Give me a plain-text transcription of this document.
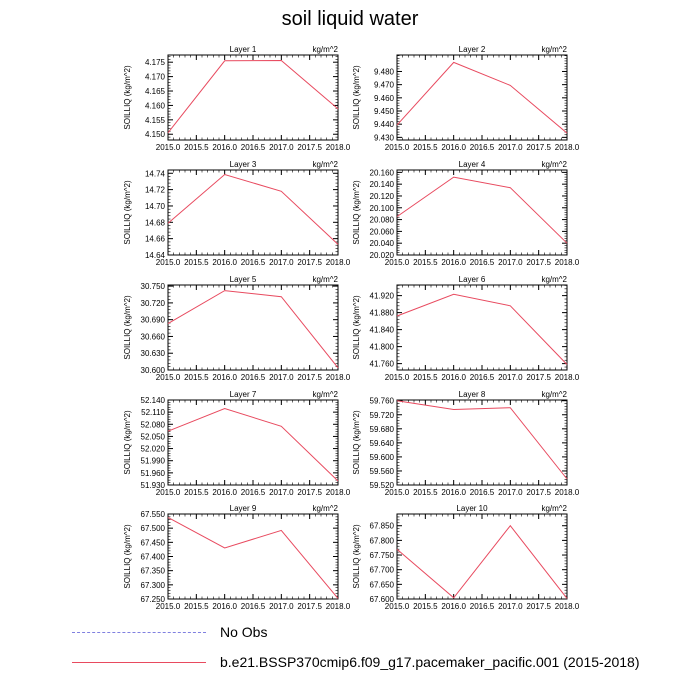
soil liquid water
Layer 1	kg/m^2
SOILLIQ (kg/m^2)
4.150
4.155
4.160
4.165
4.170
4.175
2015.0 2015.5 2016.0 2016.5 2017.0 2017.5 2018.0
Layer 2	kg/m^2
SOILLIQ (kg/m^2)
9.430
9.440
9.450
9.460
9.470
9.480
2015.0 2015.5 2016.0 2016.5 2017.0 2017.5 2018.0
Layer 3	kg/m^2
SOILLIQ (kg/m^2)
14.64
14.66
14.68
14.70
14.72
14.74
2015.0 2015.5 2016.0 2016.5 2017.0 2017.5 2018.0
Layer 4	kg/m^2
SOILLIQ (kg/m^2)
20.020
20.040
20.060
20.080
20.100
20.120
20.140
20.160
2015.0 2015.5 2016.0 2016.5 2017.0 2017.5 2018.0
Layer 5	kg/m^2
SOILLIQ (kg/m^2)
30.600
30.630
30.660
30.690
30.720
30.750
2015.0 2015.5 2016.0 2016.5 2017.0 2017.5 2018.0
Layer 6	kg/m^2
SOILLIQ (kg/m^2)
41.760
41.800
41.840
41.880
41.920
2015.0 2015.5 2016.0 2016.5 2017.0 2017.5 2018.0
Layer 7	kg/m^2
SOILLIQ (kg/m^2)
51.930
51.960
51.990
52.020
52.050
52.080
52.110
52.140
2015.0 2015.5 2016.0 2016.5 2017.0 2017.5 2018.0
Layer 8	kg/m^2
SOILLIQ (kg/m^2)
59.520
59.560
59.600
59.640
59.680
59.720
59.760
2015.0 2015.5 2016.0 2016.5 2017.0 2017.5 2018.0
Layer 9	kg/m^2
SOILLIQ (kg/m^2)
67.250
67.300
67.350
67.400
67.450
67.500
67.550
2015.0 2015.5 2016.0 2016.5 2017.0 2017.5 2018.0
Layer 10	kg/m^2
SOILLIQ (kg/m^2)
67.600
67.650
67.700
67.750
67.800
67.850
2015.0 2015.5 2016.0 2016.5 2017.0 2017.5 2018.0
No Obs
b.e21.BSSP370cmip6.f09_g17.pacemaker_pacific.001 (2015-2018)
